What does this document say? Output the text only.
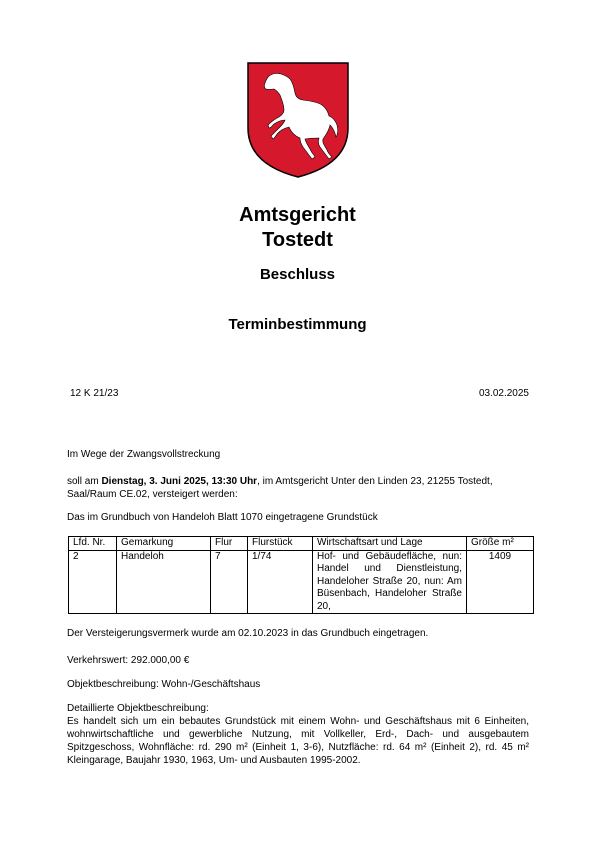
Amtsgericht
Tostedt
Beschluss
Terminbestimmung
12 K 21/23	03.02.2025
Im Wege der Zwangsvollstreckung
soll am Dienstag, 3. Juni 2025, 13:30 Uhr, im Amtsgericht Unter den Linden 23, 21255 Tostedt, Saal/Raum CE.02, versteigert werden:
Das im Grundbuch von Handeloh Blatt 1070 eingetragene Grundstück
Lfd. Nr.	Gemarkung	Flur	Flurstück	Wirtschaftsart und Lage	Größe m²
2	Handeloh	7	1/74	Hof- und Gebäudefläche, nun: Handel und Dienstleistung, Handeloher Straße 20, nun: Am Büsenbach, Handeloher Straße 20,	1409
Der Versteigerungsvermerk wurde am 02.10.2023 in das Grundbuch eingetragen.
Verkehrswert: 292.000,00 €
Objektbeschreibung: Wohn-/Geschäftshaus
Detaillierte Objektbeschreibung:
Es handelt sich um ein bebautes Grundstück mit einem Wohn- und Geschäftshaus mit 6 Einheiten, wohnwirtschaftliche und gewerbliche Nutzung, mit Vollkeller, Erd-, Dach- und ausgebautem Spitzgeschoss, Wohnfläche: rd. 290 m² (Einheit 1, 3-6), Nutzfläche: rd. 64 m² (Einheit 2), rd. 45 m² Kleingarage, Baujahr 1930, 1963, Um- und Ausbauten 1995-2002.
